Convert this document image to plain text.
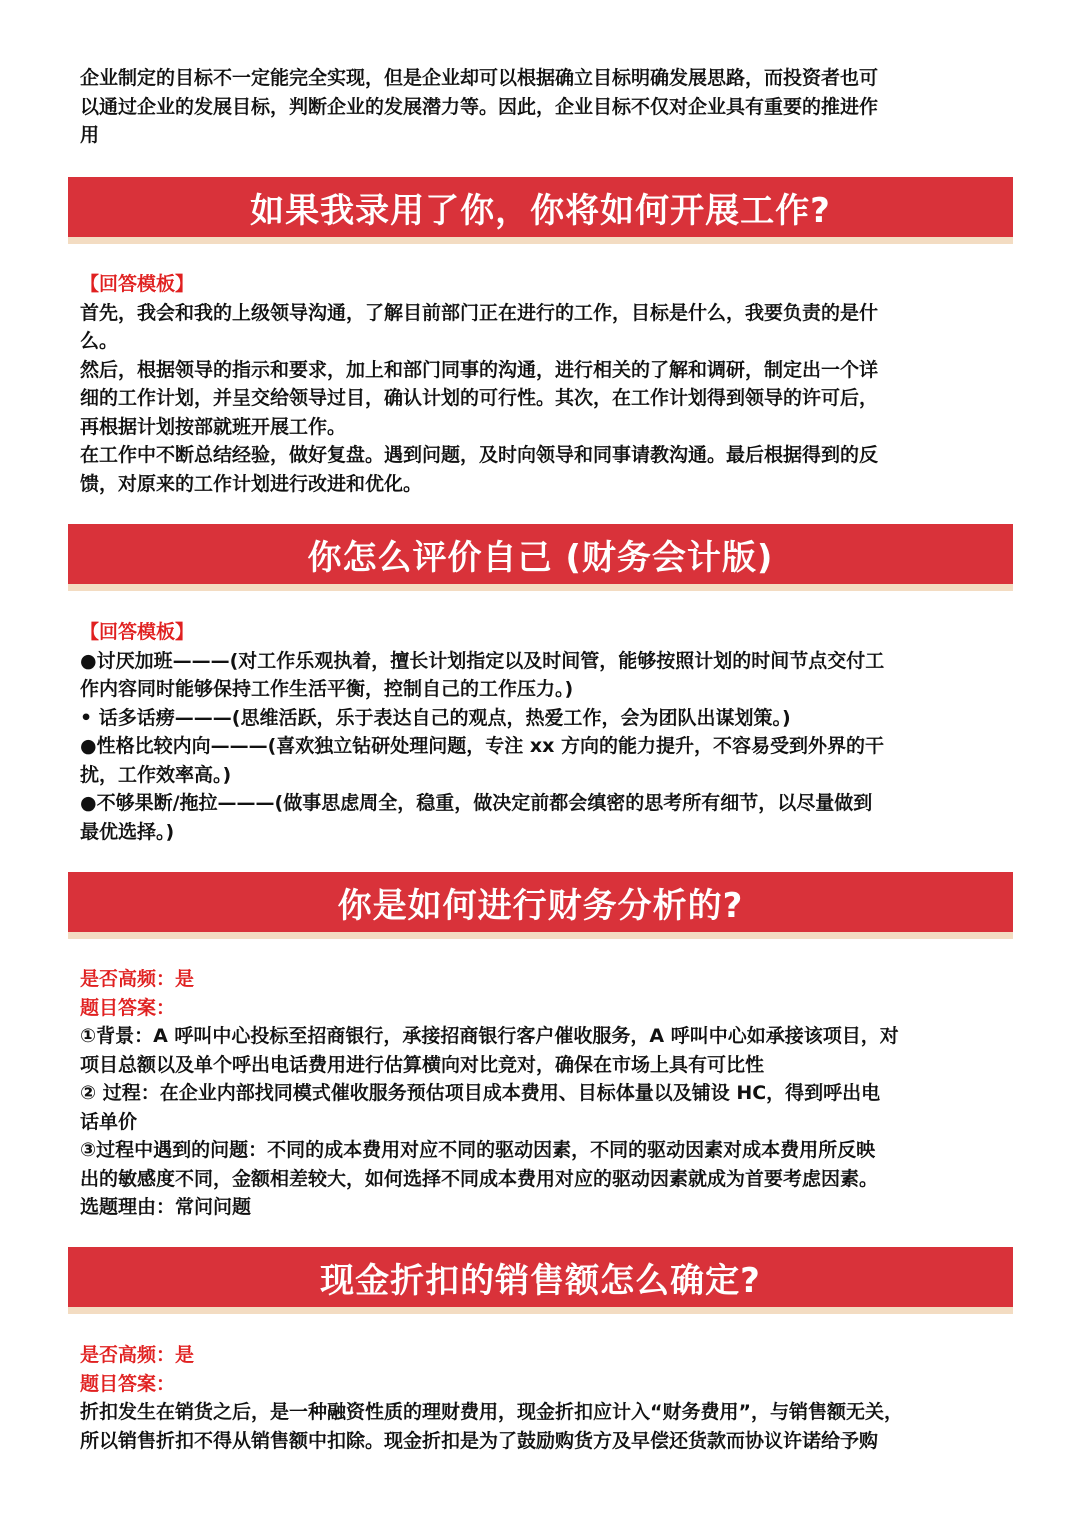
企业制定的目标不一定能完全实现，但是企业却可以根据确立目标明确发展思路，而投资者也可

以通过企业的发展目标，判断企业的发展潜力等。因此，企业目标不仅对企业具有重要的推进作

用

如果我录用了你，你将如何开展工作?

【回答模板】

首先，我会和我的上级领导沟通，了解目前部门正在进行的工作，目标是什么，我要负责的是什

么。

然后，根据领导的指示和要求，加上和部门同事的沟通，进行相关的了解和调研，制定出一个详

细的工作计划，并呈交给领导过目，确认计划的可行性。其次，在工作计划得到领导的许可后，

再根据计划按部就班开展工作。

在工作中不断总结经验，做好复盘。遇到问题，及时向领导和同事请教沟通。最后根据得到的反

馈，对原来的工作计划进行改进和优化。

你怎么评价自己 (财务会计版)

【回答模板】

●讨厌加班———(对工作乐观执着，擅长计划指定以及时间管，能够按照计划的时间节点交付工

作内容同时能够保持工作生活平衡，控制自己的工作压力。)

• 话多话痨———(思维活跃，乐于表达自己的观点，热爱工作，会为团队出谋划策。)

●性格比较内向———(喜欢独立钻研处理问题，专注 xx 方向的能力提升，不容易受到外界的干

扰，工作效率高。)

●不够果断/拖拉———(做事思虑周全，稳重，做决定前都会缜密的思考所有细节，以尽量做到

最优选择。)

你是如何进行财务分析的?

是否高频：是

题目答案：

①背景：A 呼叫中心投标至招商银行，承接招商银行客户催收服务，A 呼叫中心如承接该项目，对

项目总额以及单个呼出电话费用进行估算横向对比竞对，确保在市场上具有可比性

② 过程：在企业内部找同模式催收服务预估项目成本费用、目标体量以及铺设 HC，得到呼出电

话单价

③过程中遇到的问题：不同的成本费用对应不同的驱动因素，不同的驱动因素对成本费用所反映

出的敏感度不同，金额相差较大，如何选择不同成本费用对应的驱动因素就成为首要考虑因素。

选题理由：常问问题

现金折扣的销售额怎么确定?

是否高频：是

题目答案：

折扣发生在销货之后，是一种融资性质的理财费用，现金折扣应计入“财务费用”，与销售额无关，

所以销售折扣不得从销售额中扣除。现金折扣是为了鼓励购货方及早偿还货款而协议许诺给予购
